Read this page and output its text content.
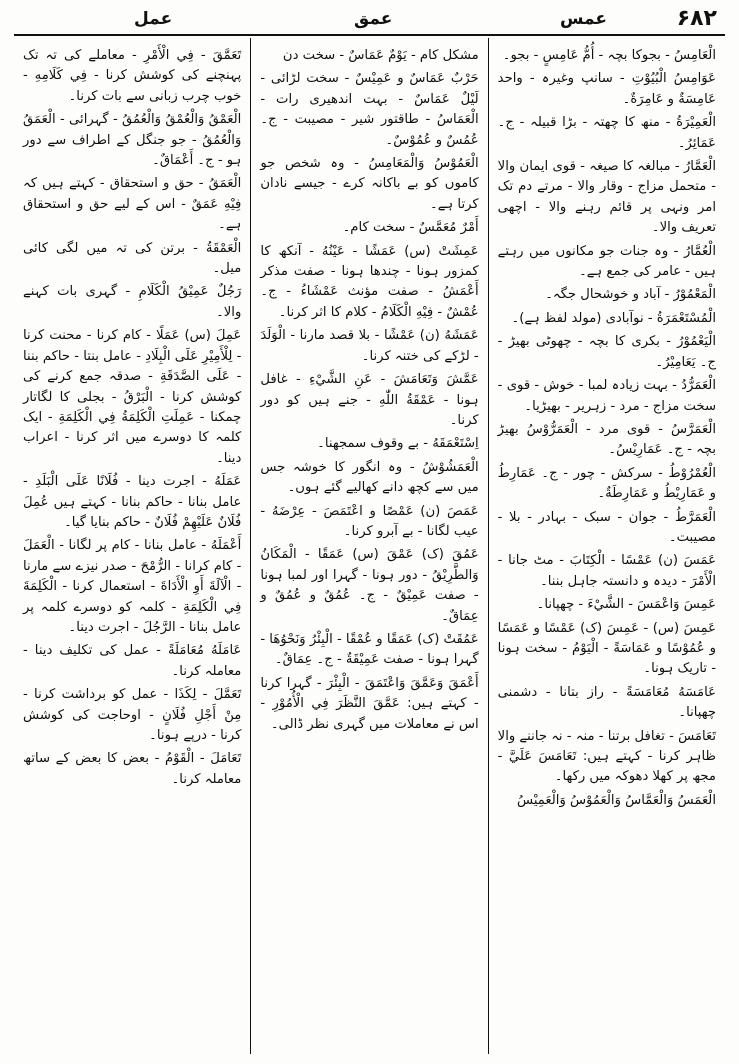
۶۸۲
عمس
عمق
عمل

الْعَامِسُ - بجوکا بچہ - أُمُّ عَامِسٍ - بجو۔

عَوَامِسُ الْبُيُوْتِ - سانپ وغیرہ - واحد عَامِسَةٌ و عَامِرَةٌ۔

الْعَمِيْرَةُ - منھ کا چھتہ - بڑا قبیلہ - ج۔ عَمَائِرُ۔

الْعَمَّارُ - مبالغہ کا صیغہ - قوی ایمان والا - متحمل مزاج - وقار والا - مرتے دم تک امر ونہی پر قائم رہنے والا - اچھی تعریف والا۔

الْعُمَّارُ - وہ جنات جو مکانوں میں رہتے ہیں - عامر کی جمع ہے۔

الْمَعْمُوْرُ - آباد و خوشحال جگہ۔

الْمُسْتَعْمَرَةُ - نوآبادی (مولد لفظ ہے)۔

الْيَعْمُوْرُ - بکری کا بچہ - چھوٹی بھیڑ - ج۔ يَعَامِيْرُ۔

الْعَمَرُّدُ - بہت زیادہ لمبا - خوش - قوی - سخت مزاج - مرد - زہریر - بھیڑیا۔

الْعَمَرَّسُ - قوی مرد - الْعَمَرُّوْسُ بھیڑ بچہ - ج۔ عَمَارِيْسُ۔

الْعُمْرُوْطُ - سرکش - چور - ج۔ عَمَارِطُ و عَمَارِيْطُ و عَمَارِطَةٌ۔

الْعَمَرَّطُ - جوان - سبک - بہادر - بلا - مصیبت۔

عَمَسَ (ن) عَمْسًا - الْكِتَابَ - مٹ جانا - الْأَمْرَ - دیدہ و دانستہ جاہل بننا۔

عَمِسَ وَاعْمَسَ - الشَّيْءَ - چھپانا۔

عَمِسَ (س) - عَمِسَ (ک) عَمْسًا و عَمَسًا و عُمُوْسًا و عَمَاسَةً - الْيَوْمُ - سخت ہونا - تاریک ہونا۔

عَامَسَهُ مُعَامَسَةً - راز بتانا - دشمنی چھپانا۔

تَعَامَسَ - تغافل برتنا - منہ - نہ جاننے والا ظاہر کرنا - کہتے ہیں: تَعَامَسَ عَلَيَّ - مجھ پر کھلا دھوکہ میں رکھا۔

الْعَمَسُ وَالْعَمَّاسُ وَالْعَمُوْسُ وَالْعَمِيْسُ

مشکل کام - يَوْمٌ عَمَاسٌ - سخت دن

حَرْبٌ عَمَاسٌ و عَمِيْسٌ - سخت لڑائی - لَيْلٌ عَمَاسٌ - بہت اندھیری رات - الْعَمَاسُ - طاقتور شیر - مصیبت - ج۔ عُمُسٌ و عُمُوْسٌ۔

الْعَمُوْسُ وَالْمَعَامِسُ - وہ شخص جو کاموں کو بے باکانہ کرے - جیسے نادان کرتا ہے۔

أَمْرٌ مُعَمَّسٌ - سخت کام۔

عَمِشَتْ (س) عَمَشًا - عَيْنُهُ - آنکھ کا کمزور ہونا - چندھا ہونا - صفت مذکر أَعْمَشُ - صفت مؤنث عَمْشَاءُ - ج۔ عُمْشٌ - فِيْهِ الْكَلَامُ - کلام کا اثر کرنا۔

عَمَشَهُ (ن) عَمْشًا - بلا قصد مارنا - الْوَلَدَ - لڑکے کی ختنہ کرنا۔

عَمَّشَ وَتَعَامَشَ - عَنِ الشَّيْءِ - غافل ہونا - عَمْقَةُ اللّٰهِ - جنے ہیں کو دور کرنا۔

اِسْتَعْمَقَهُ - بے وقوف سمجھنا۔

الْعَمَشُوْشُ - وہ انگور کا خوشہ جس میں سے کچھ دانے کھالیے گئے ہوں۔

عَمَصَ (ن) عَمْصًا و اعْتَمَصَ - عِرْضَهُ - عیب لگانا - بے آبرو کرنا۔

عَمُقَ (ک) عَمْقَ (س) عَمَقًا - الْمَكَانُ وَالطَّرِيْقُ - دور ہونا - گہرا اور لمبا ہونا - صفت عَمِيْقٌ - ج۔ عُمُقٌ و عُمُقٌ و عِمَاقٌ۔

عَمُقَتْ (ک) عَمَقًا و عُمْقًا - الْبِئْرُ وَنَحْوُهَا - گہرا ہونا - صفت عَمِيْقَةٌ - ج۔ عِمَاقٌ۔

أَعْمَقَ وَعَمَّقَ وَاعْتَمَقَ - الْبِئْرَ - گہرا کرنا - کہتے ہیں: عَمَّقَ النَّظَرَ فِي الْأُمُوْرِ - اس نے معاملات میں گہری نظر ڈالی۔

تَعَمَّقَ - فِي الْأَمْرِ - معاملے کی تہ تک پہنچنے کی کوشش کرنا - فِي كَلَامِهِ - خوب چرب زبانی سے بات کرنا۔

الْعَمْقُ وَالْعُمْقُ وَالْعُمُقُ - گہرائی - الْعَمَقُ وَالْعُمُقُ - جو جنگل کے اطراف سے دور ہو - ج۔ أَعْمَاقٌ۔

الْعَمَقُ - حق و استحقاق - کہتے ہیں کہ فِيْهِ عَمَقٌ - اس کے لیے حق و استحقاق ہے۔

الْعَمْقَةُ - برتن کی تہ میں لگی کائی میل۔

رَجُلٌ عَمِيْقُ الْكَلَامِ - گہری بات کہنے والا۔

عَمِلَ (س) عَمَلًا - کام کرنا - محنت کرنا - لِلْأَمِيْرِ عَلَى الْبِلَادِ - عامل بنتا - حاکم بننا - عَلَى الصَّدَقَةِ - صدقہ جمع کرنے کی کوشش کرنا - الْبَرْقُ - بجلی کا لگاتار چمکنا - عَمِلَتِ الْكَلِمَةُ فِي الْكَلِمَةِ - ایک کلمہ کا دوسرے میں اثر کرنا - اعراب دینا۔

عَمَلَهُ - اجرت دینا - فُلَانًا عَلَى الْبَلَدِ - عامل بنانا - حاکم بنانا - کہتے ہیں عُمِلَ فُلَانٌ عَلَيْهِمْ فُلَانٌ - حاکم بنایا گیا۔

أَعْمَلَهُ - عامل بنانا - کام پر لگانا - الْعَمَلَ - کام کرانا - الرُّمْحَ - صدر نیزے سے مارنا - الْآلَةَ أَوِ الْأَدَاةَ - استعمال کرنا - الْكَلِمَةَ فِي الْكَلِمَةِ - کلمہ کو دوسرے کلمہ پر عامل بنانا - الرَّجُلَ - اجرت دینا۔

عَامَلَهُ مُعَامَلَةً - عمل کی تکلیف دینا - معاملہ کرنا۔

تَعَمَّلَ - لِكَذَا - عمل کو برداشت کرنا - مِنْ أَجْلِ فُلَانٍ - اوحاجت کی کوشش کرنا - درپے ہونا۔

تَعَامَلَ - الْقَوْمُ - بعض کا بعض کے ساتھ معاملہ کرنا۔
